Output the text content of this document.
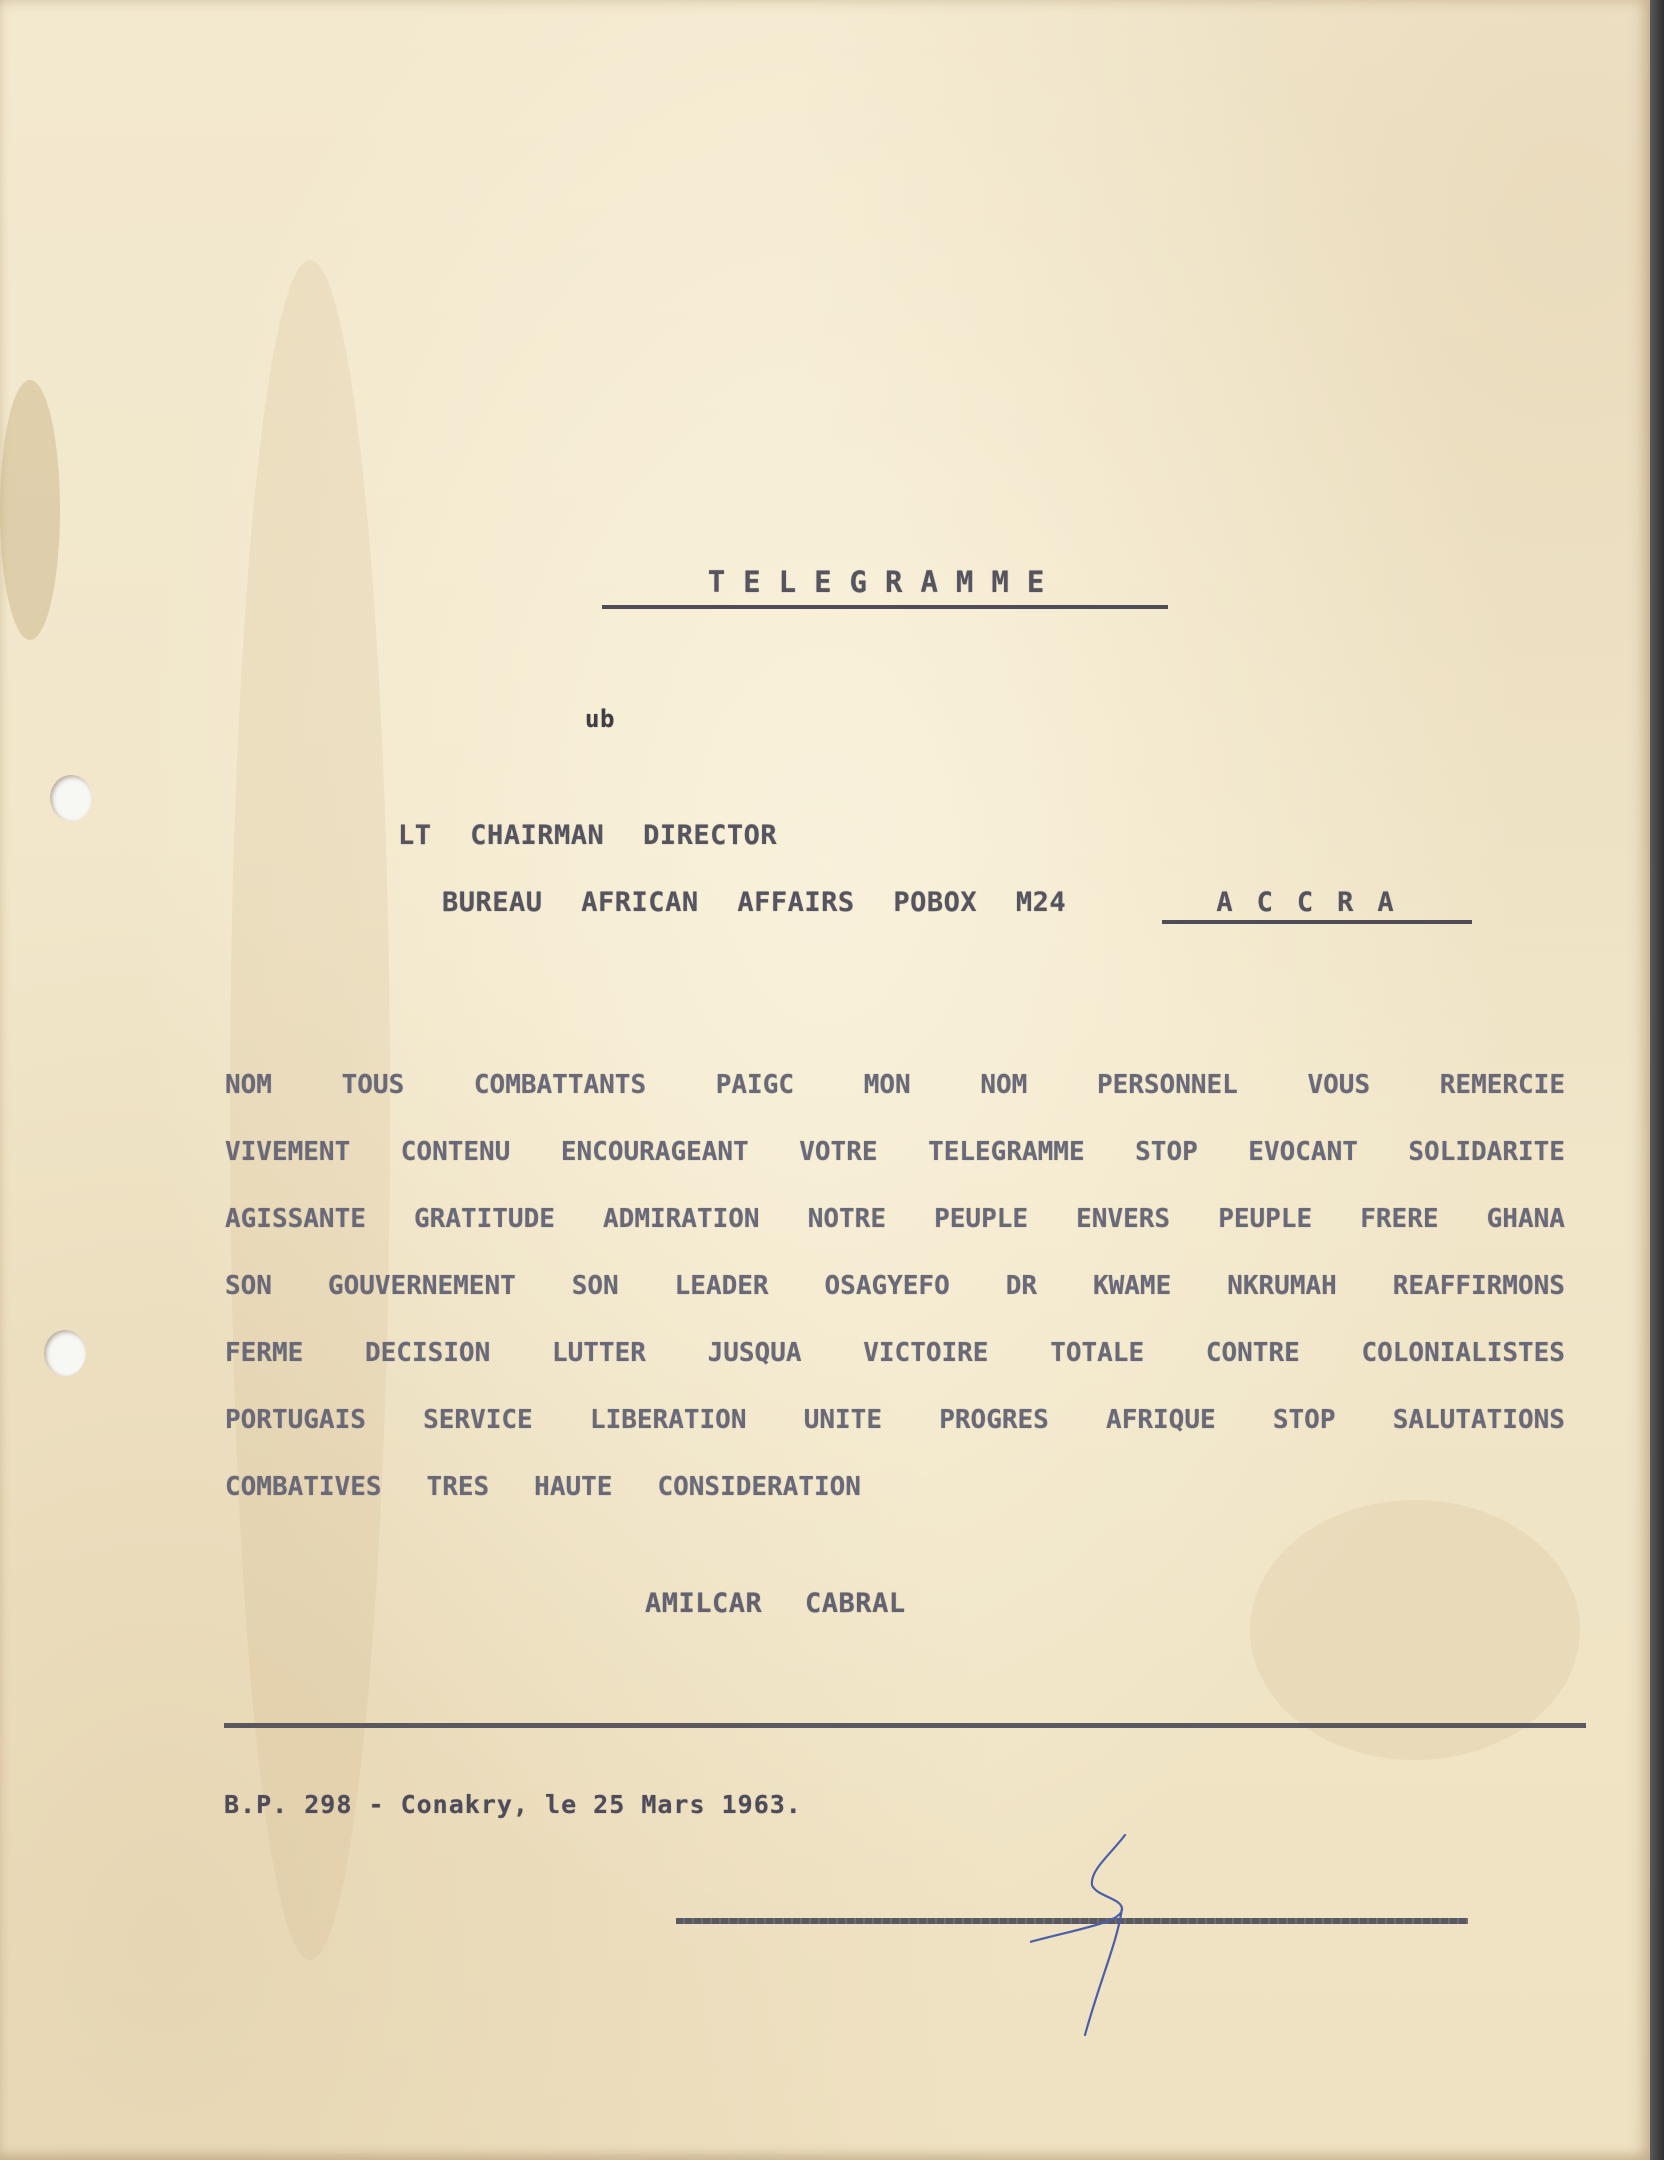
TELEGRAMME
ub
LT CHAIRMAN DIRECTOR
BUREAU AFRICAN AFFAIRS POBOX M24	ACCRA
NOM	TOUS	COMBATTANTS	PAIGC	MON	NOM	PERSONNEL	VOUS	REMERCIE
VIVEMENT CONTENU ENCOURAGEANT VOTRE TELEGRAMME STOP EVOCANT SOLIDARITE
AGISSANTE GRATITUDE ADMIRATION NOTRE PEUPLE ENVERS PEUPLE FRERE GHANA
SON GOUVERNEMENT SON LEADER OSAGYEFO DR KWAME NKRUMAH REAFFIRMONS
FERME DECISION LUTTER JUSQUA VICTOIRE TOTALE CONTRE COLONIALISTES
PORTUGAIS SERVICE LIBERATION UNITE PROGRES AFRIQUE STOP SALUTATIONS
COMBATIVES TRES HAUTE CONSIDERATION
AMILCAR CABRAL
B.P. 298 - Conakry, le 25 Mars 1963.
